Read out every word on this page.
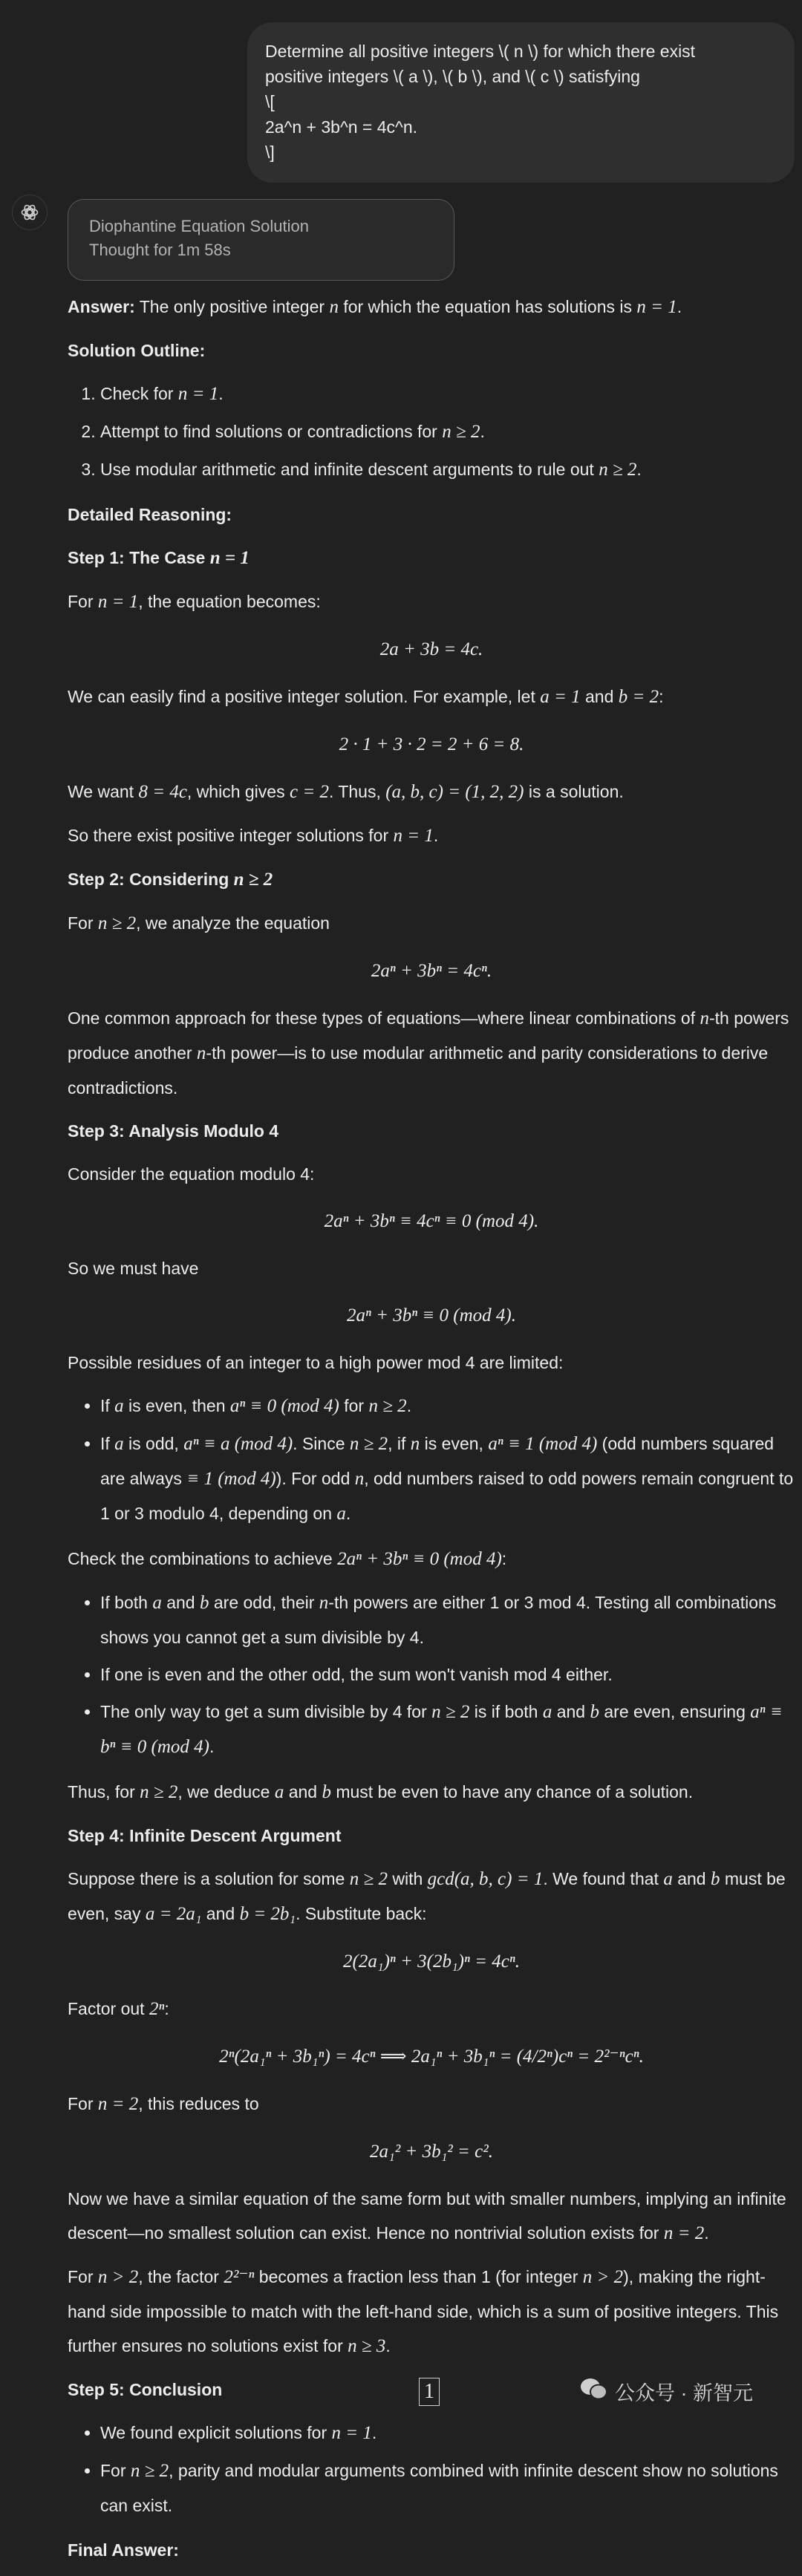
Determine all positive integers \( n \) for which there exist
positive integers \( a \), \( b \), and \( c \) satisfying
\[
2a^n + 3b^n = 4c^n.
\]
Diophantine Equation Solution
Thought for 1m 58s

Answer: The only positive integer n for which the equation has solutions is n = 1.

Solution Outline:
1. Check for n = 1.
2. Attempt to find solutions or contradictions for n ≥ 2.
3. Use modular arithmetic and infinite descent arguments to rule out n ≥ 2.
Detailed Reasoning:
Step 1: The Case n = 1

For n = 1, the equation becomes:

2a + 3b = 4c.

We can easily find a positive integer solution. For example, let a = 1 and b = 2:

2 · 1 + 3 · 2 = 2 + 6 = 8.

We want 8 = 4c, which gives c = 2. Thus, (a, b, c) = (1, 2, 2) is a solution.

So there exist positive integer solutions for n = 1.

Step 2: Considering n ≥ 2

For n ≥ 2, we analyze the equation

2aⁿ + 3bⁿ = 4cⁿ.

One common approach for these types of equations—where linear combinations of n-th powers produce another n-th power—is to use modular arithmetic and parity considerations to derive contradictions.

Step 3: Analysis Modulo 4

Consider the equation modulo 4:

2aⁿ + 3bⁿ ≡ 4cⁿ ≡ 0 (mod 4).

So we must have

2aⁿ + 3bⁿ ≡ 0 (mod 4).

Possible residues of an integer to a high power mod 4 are limited:

• If a is even, then aⁿ ≡ 0 (mod 4) for n ≥ 2.
• If a is odd, aⁿ ≡ a (mod 4). Since n ≥ 2, if n is even, aⁿ ≡ 1 (mod 4) (odd numbers squared are always ≡ 1 (mod 4)). For odd n, odd numbers raised to odd powers remain congruent to 1 or 3 modulo 4, depending on a.

Check the combinations to achieve 2aⁿ + 3bⁿ ≡ 0 (mod 4):

• If both a and b are odd, their n-th powers are either 1 or 3 mod 4. Testing all combinations shows you cannot get a sum divisible by 4.
• If one is even and the other odd, the sum won't vanish mod 4 either.
• The only way to get a sum divisible by 4 for n ≥ 2 is if both a and b are even, ensuring aⁿ ≡ bⁿ ≡ 0 (mod 4).

Thus, for n ≥ 2, we deduce a and b must be even to have any chance of a solution.

Step 4: Infinite Descent Argument

Suppose there is a solution for some n ≥ 2 with gcd(a, b, c) = 1. We found that a and b must be even, say a = 2a₁ and b = 2b₁. Substitute back:

2(2a₁)ⁿ + 3(2b₁)ⁿ = 4cⁿ.

Factor out 2ⁿ:

2ⁿ(2a₁ⁿ + 3b₁ⁿ) = 4cⁿ ⟹ 2a₁ⁿ + 3b₁ⁿ = (4/2ⁿ)cⁿ = 2²⁻ⁿcⁿ.

For n = 2, this reduces to

2a₁² + 3b₁² = c².

Now we have a similar equation of the same form but with smaller numbers, implying an infinite descent—no smallest solution can exist. Hence no nontrivial solution exists for n = 2.

For n > 2, the factor 2²⁻ⁿ becomes a fraction less than 1 (for integer n > 2), making the right-hand side impossible to match with the left-hand side, which is a sum of positive integers. This further ensures no solutions exist for n ≥ 3.

Step 5: Conclusion
• We found explicit solutions for n = 1.
• For n ≥ 2, parity and modular arguments combined with infinite descent show no solutions can exist.
Final Answer:
1	公众号 · 新智元
